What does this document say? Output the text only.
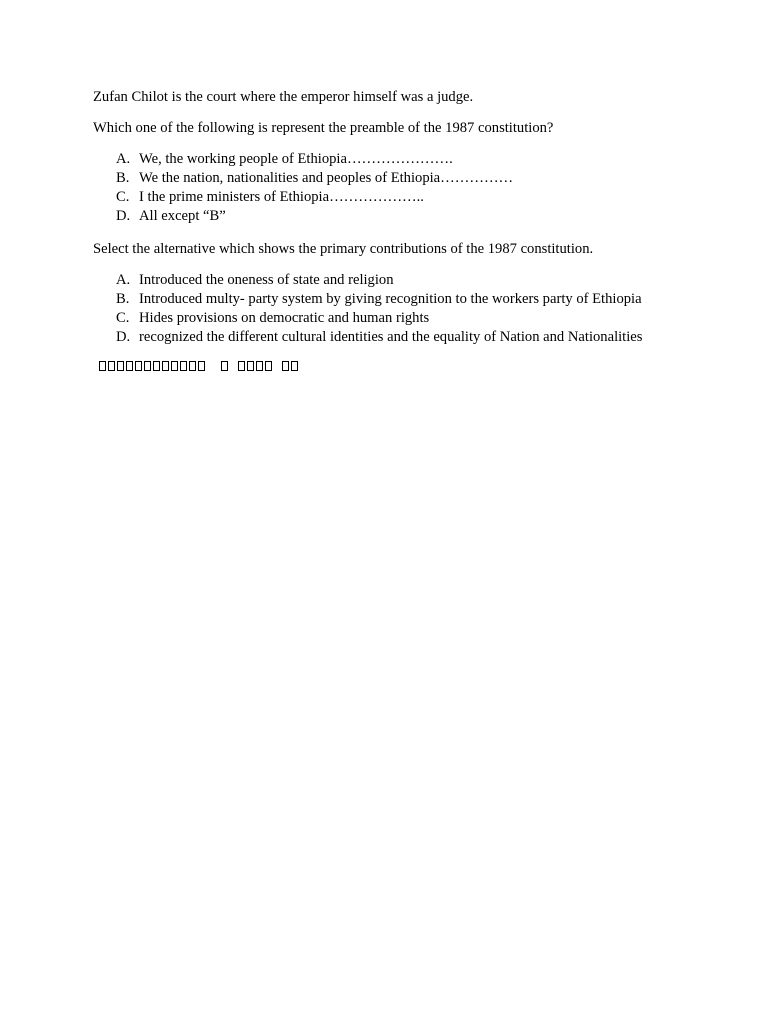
Zufan Chilot is the court where the emperor himself was a judge.

Which one of the following is represent the preamble of the 1987 constitution?

A. We, the working people of Ethiopia………………….
B. We the nation, nationalities and peoples of Ethiopia……………
C. I the prime ministers of Ethiopia………………..
D. All except “B”

Select the alternative which shows the primary contributions of the 1987 constitution.

A. Introduced the oneness of state and religion
B. Introduced multy- party system by giving recognition to the workers party of Ethiopia
C. Hides provisions on democratic and human rights
D. recognized the different cultural identities and the equality of Nation and Nationalities
